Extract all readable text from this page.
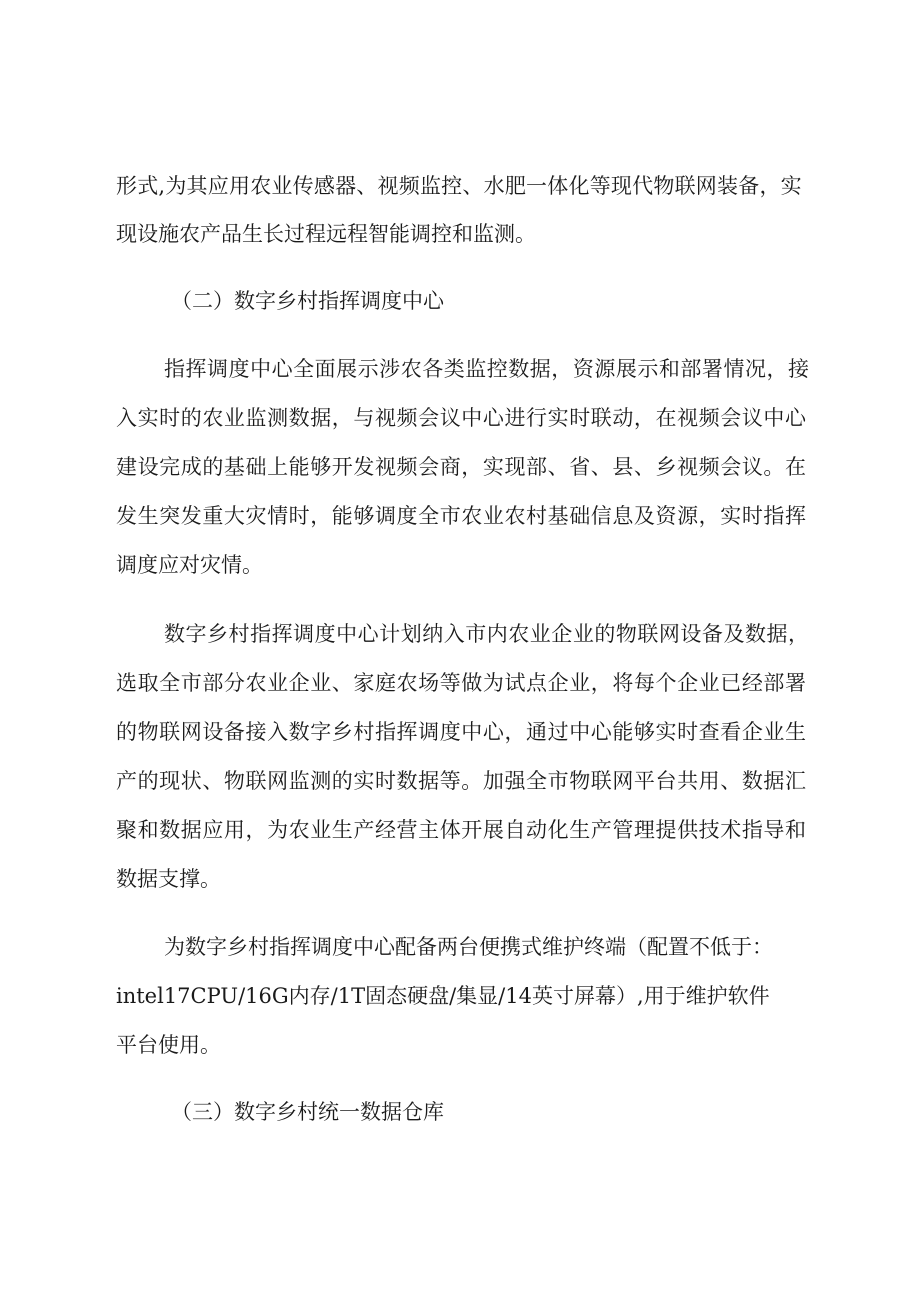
形式,为其应用农业传感器、视频监控、水肥一体化等现代物联网装备，实
现设施农产品生长过程远程智能调控和监测。
（二）数字乡村指挥调度中心
指挥调度中心全面展示涉农各类监控数据，资源展示和部署情况，接
入实时的农业监测数据，与视频会议中心进行实时联动，在视频会议中心
建设完成的基础上能够开发视频会商，实现部、省、县、乡视频会议。在
发生突发重大灾情时，能够调度全市农业农村基础信息及资源，实时指挥
调度应对灾情。
数字乡村指挥调度中心计划纳入市内农业企业的物联网设备及数据，
选取全市部分农业企业、家庭农场等做为试点企业，将每个企业已经部署
的物联网设备接入数字乡村指挥调度中心，通过中心能够实时查看企业生
产的现状、物联网监测的实时数据等。加强全市物联网平台共用、数据汇
聚和数据应用，为农业生产经营主体开展自动化生产管理提供技术指导和
数据支撑。
为数字乡村指挥调度中心配备两台便携式维护终端（配置不低于：
intel17CPU/16G内存/1T固态硬盘/集显/14英寸屏幕）,用于维护软件
平台使用。
（三）数字乡村统一数据仓库
